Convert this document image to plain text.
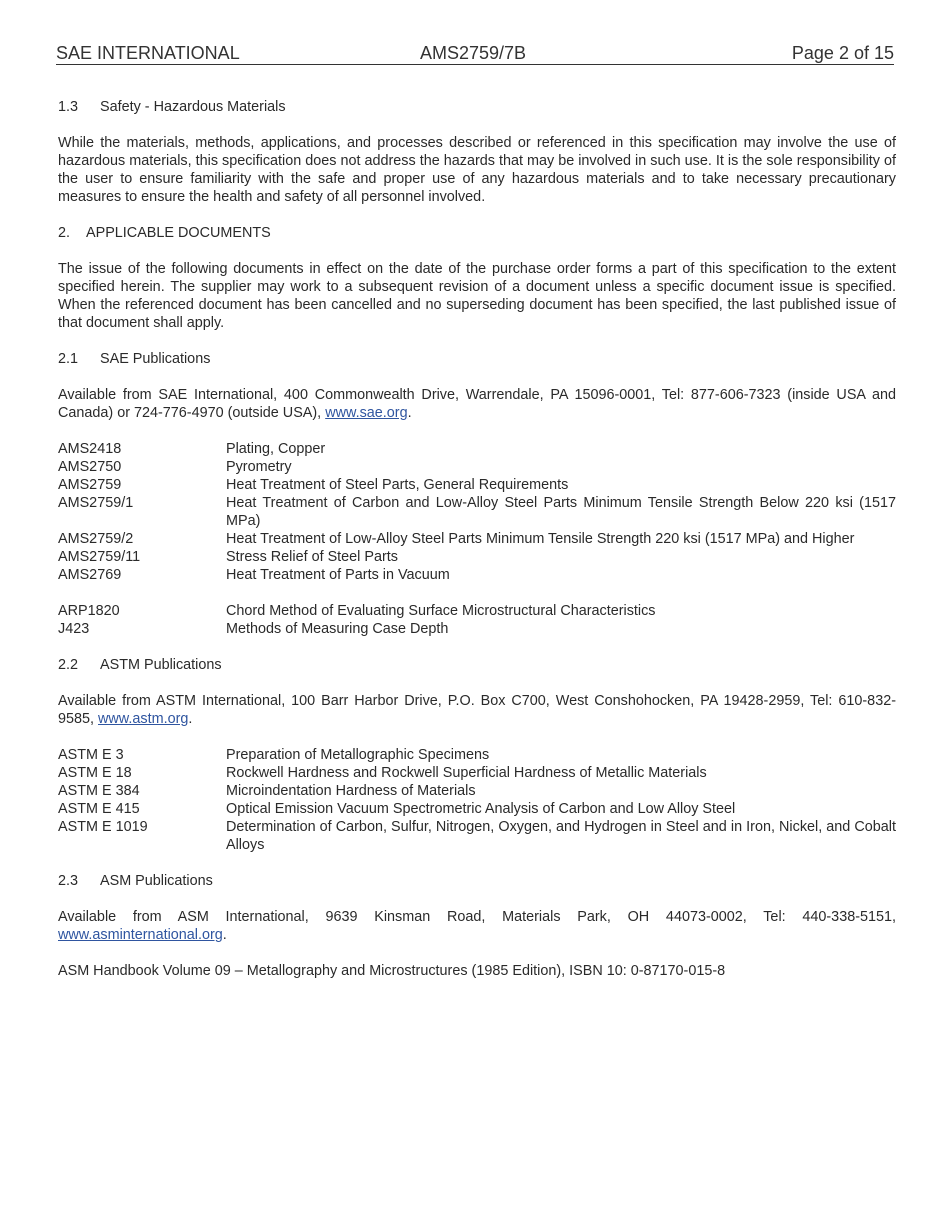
SAE INTERNATIONAL	AMS2759/7B	Page 2 of 15

1.3 Safety - Hazardous Materials

While the materials, methods, applications, and processes described or referenced in this specification may involve the use of hazardous materials, this specification does not address the hazards that may be involved in such use. It is the sole responsibility of the user to ensure familiarity with the safe and proper use of any hazardous materials and to take necessary precautionary measures to ensure the health and safety of all personnel involved.

2. APPLICABLE DOCUMENTS

The issue of the following documents in effect on the date of the purchase order forms a part of this specification to the extent specified herein. The supplier may work to a subsequent revision of a document unless a specific document issue is specified. When the referenced document has been cancelled and no superseding document has been specified, the last published issue of that document shall apply.

2.1 SAE Publications

Available from SAE International, 400 Commonwealth Drive, Warrendale, PA 15096-0001, Tel: 877-606-7323 (inside USA and Canada) or 724-776-4970 (outside USA), www.sae.org.

AMS2418	Plating, Copper
AMS2750	Pyrometry
AMS2759	Heat Treatment of Steel Parts, General Requirements
AMS2759/1	Heat Treatment of Carbon and Low-Alloy Steel Parts Minimum Tensile Strength Below 220 ksi (1517 MPa)
AMS2759/2	Heat Treatment of Low-Alloy Steel Parts Minimum Tensile Strength 220 ksi (1517 MPa) and Higher
AMS2759/11	Stress Relief of Steel Parts
AMS2769	Heat Treatment of Parts in Vacuum

ARP1820	Chord Method of Evaluating Surface Microstructural Characteristics
J423	Methods of Measuring Case Depth

2.2 ASTM Publications

Available from ASTM International, 100 Barr Harbor Drive, P.O. Box C700, West Conshohocken, PA 19428-2959, Tel: 610-832-9585, www.astm.org.

ASTM E 3	Preparation of Metallographic Specimens
ASTM E 18	Rockwell Hardness and Rockwell Superficial Hardness of Metallic Materials
ASTM E 384	Microindentation Hardness of Materials
ASTM E 415	Optical Emission Vacuum Spectrometric Analysis of Carbon and Low Alloy Steel
ASTM E 1019	Determination of Carbon, Sulfur, Nitrogen, Oxygen, and Hydrogen in Steel and in Iron, Nickel, and Cobalt Alloys

2.3 ASM Publications

Available from ASM International, 9639 Kinsman Road, Materials Park, OH 44073-0002, Tel: 440-338-5151, www.asminternational.org.

ASM Handbook Volume 09 – Metallography and Microstructures (1985 Edition), ISBN 10: 0-87170-015-8
